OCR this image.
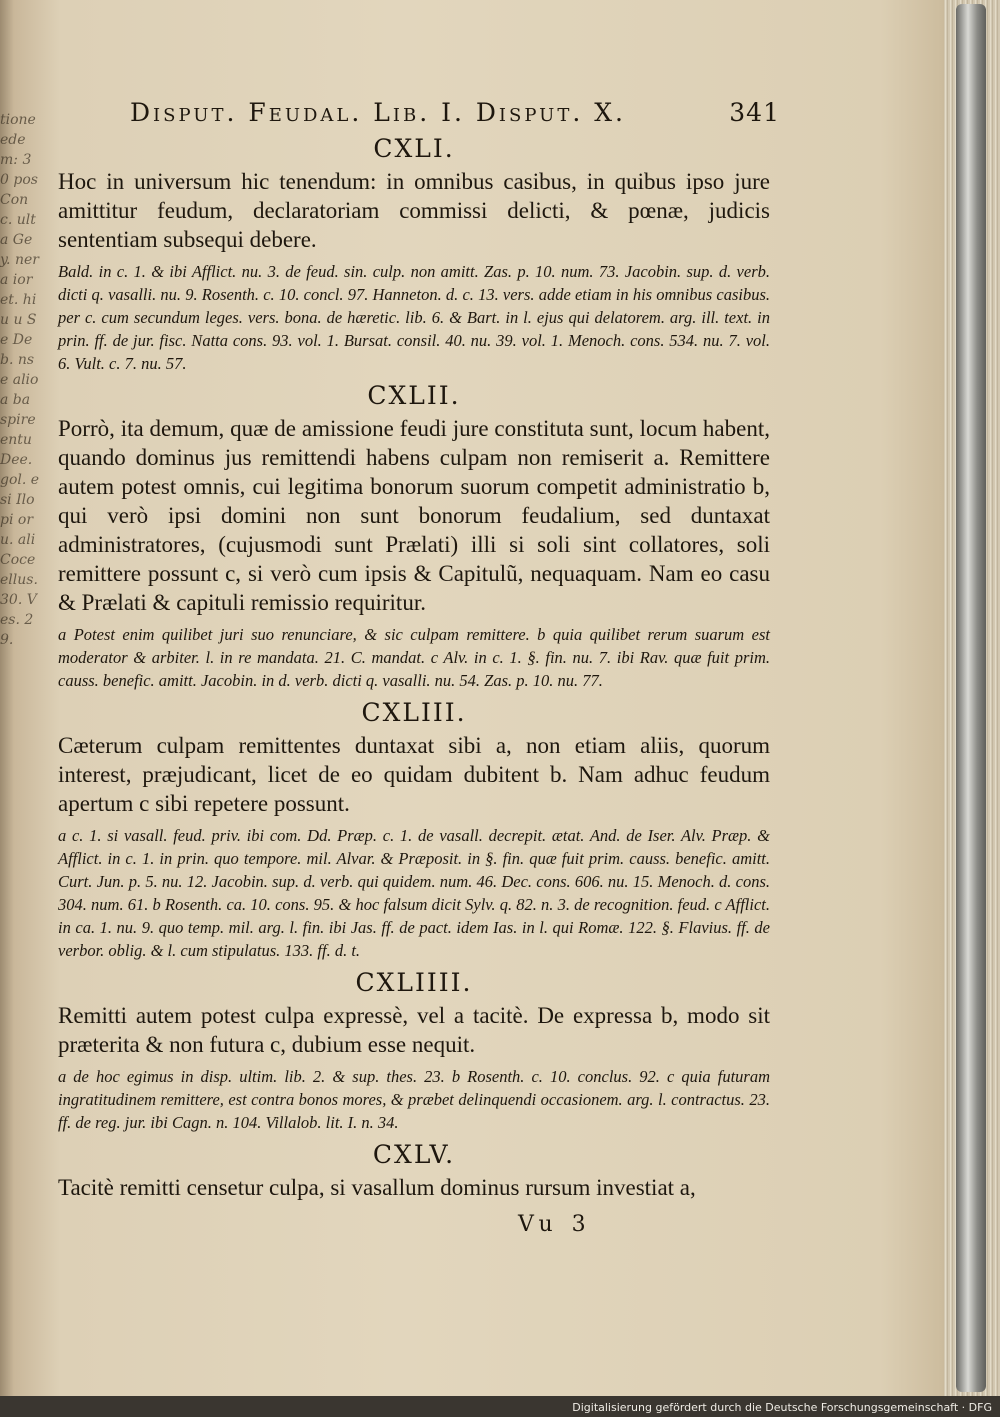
tione ede m: 30 pos Conc. ulta Gey. nera ioret. hiu u Se Deb. nse alio a ba spire entu Dee. gol. esi Ilo pi oru. ali Coce ellus. 30. Ves. 29.
Disput. Feudal. Lib. I. Disput. X.	341
CXLI.

Hoc in universum hic tenendum: in omnibus casibus, in quibus ipso jure amittitur feudum, declaratoriam commissi delicti, & pœnæ, judicis sententiam subsequi debere.

Bald. in c. 1. & ibi Afflict. nu. 3. de feud. sin. culp. non amitt. Zas. p. 10. num. 73. Jacobin. sup. d. verb. dicti q. vasalli. nu. 9. Rosenth. c. 10. concl. 97. Hanneton. d. c. 13. vers. adde etiam in his omnibus casibus. per c. cum secundum leges. vers. bona. de hæretic. lib. 6. & Bart. in l. ejus qui delatorem. arg. ill. text. in prin. ff. de jur. fisc. Natta cons. 93. vol. 1. Bursat. consil. 40. nu. 39. vol. 1. Menoch. cons. 534. nu. 7. vol. 6. Vult. c. 7. nu. 57.

CXLII.

Porrò, ita demum, quæ de amissione feudi jure constituta sunt, locum habent, quando dominus jus remittendi habens culpam non remiserit a. Remittere autem potest omnis, cui legitima bonorum suorum competit administratio b, qui verò ipsi domini non sunt bonorum feudalium, sed duntaxat administratores, (cujusmodi sunt Prælati) illi si soli sint collatores, soli remittere possunt c, si verò cum ipsis & Capitulũ, nequaquam. Nam eo casu & Prælati & capituli remissio requiritur.

a Potest enim quilibet juri suo renunciare, & sic culpam remittere. b quia quilibet rerum suarum est moderator & arbiter. l. in re mandata. 21. C. mandat. c Alv. in c. 1. §. fin. nu. 7. ibi Rav. quæ fuit prim. causs. benefic. amitt. Jacobin. in d. verb. dicti q. vasalli. nu. 54. Zas. p. 10. nu. 77.

CXLIII.

Cæterum culpam remittentes duntaxat sibi a, non etiam aliis, quorum interest, præjudicant, licet de eo quidam dubitent b. Nam adhuc feudum apertum c sibi repetere possunt.

a c. 1. si vasall. feud. priv. ibi com. Dd. Præp. c. 1. de vasall. decrepit. ætat. And. de Iser. Alv. Præp. & Afflict. in c. 1. in prin. quo tempore. mil. Alvar. & Præposit. in §. fin. quæ fuit prim. causs. benefic. amitt. Curt. Jun. p. 5. nu. 12. Jacobin. sup. d. verb. qui quidem. num. 46. Dec. cons. 606. nu. 15. Menoch. d. cons. 304. num. 61. b Rosenth. ca. 10. cons. 95. & hoc falsum dicit Sylv. q. 82. n. 3. de recognition. feud. c Afflict. in ca. 1. nu. 9. quo temp. mil. arg. l. fin. ibi Jas. ff. de pact. idem Ias. in l. qui Romæ. 122. §. Flavius. ff. de verbor. oblig. & l. cum stipulatus. 133. ff. d. t.

CXLIIII.

Remitti autem potest culpa expressè, vel a tacitè. De expressa b, modo sit præterita & non futura c, dubium esse nequit.

a de hoc egimus in disp. ultim. lib. 2. & sup. thes. 23. b Rosenth. c. 10. conclus. 92. c quia futuram ingratitudinem remittere, est contra bonos mores, & præbet delinquendi occasionem. arg. l. contractus. 23. ff. de reg. jur. ibi Cagn. n. 104. Villalob. lit. I. n. 34.

CXLV.

Tacitè remitti censetur culpa, si vasallum dominus rursum investiat a,

Vu 3
Digitalisierung gefördert durch die Deutsche Forschungsgemeinschaft · DFG
